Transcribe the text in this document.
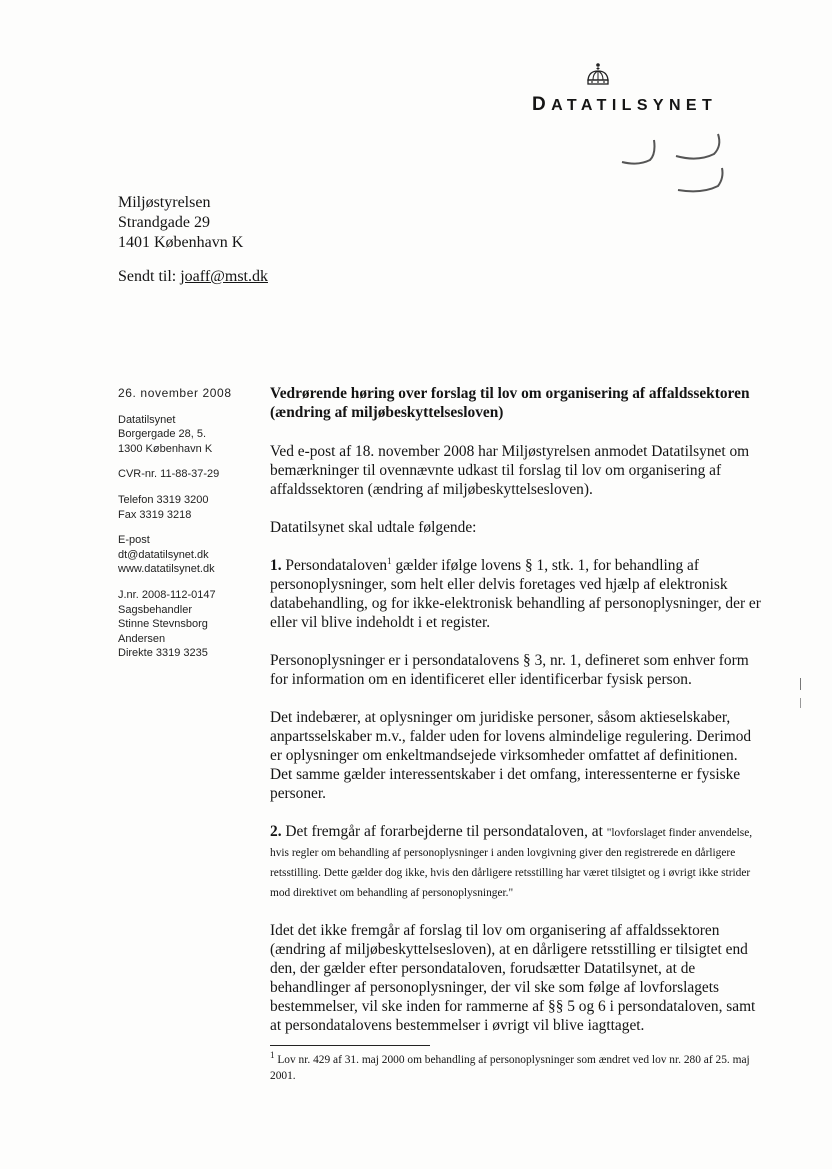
DATATILSYNET
Miljøstyrelsen
Strandgade 29
1401 København K
Sendt til: joaff@mst.dk
26. november 2008
Datatilsynet
Borgergade 28, 5.
1300 København K
CVR-nr. 11-88-37-29
Telefon 3319 3200
Fax 3319 3218
E-post
dt@datatilsynet.dk
www.datatilsynet.dk
J.nr. 2008-112-0147
Sagsbehandler
Stinne Stevnsborg
Andersen
Direkte 3319 3235

Vedrørende høring over forslag til lov om organisering af affaldssektoren (ændring af miljøbeskyttelsesloven)

Ved e-post af 18. november 2008 har Miljøstyrelsen anmodet Datatilsynet om bemærkninger til ovennævnte udkast til forslag til lov om organisering af affaldssektoren (ændring af miljøbeskyttelsesloven).

Datatilsynet skal udtale følgende:

1. Persondataloven$^1$ gælder ifølge lovens § 1, stk. 1, for behandling af personoplysninger, som helt eller delvis foretages ved hjælp af elektronisk databehandling, og for ikke-elektronisk behandling af personoplysninger, der er eller vil blive indeholdt i et register.

Personoplysninger er i persondatalovens § 3, nr. 1, defineret som enhver form for information om en identificeret eller identificerbar fysisk person.

Det indebærer, at oplysninger om juridiske personer, såsom aktieselskaber, anpartsselskaber m.v., falder uden for lovens almindelige regulering. Derimod er oplysninger om enkeltmandsejede virksomheder omfattet af definitionen. Det samme gælder interessentskaber i det omfang, interessenterne er fysiske personer.

2. Det fremgår af forarbejderne til persondataloven, at "lovforslaget finder anvendelse, hvis regler om behandling af personoplysninger i anden lovgivning giver den registrerede en dårligere retsstilling. Dette gælder dog ikke, hvis den dårligere retsstilling har været tilsigtet og i øvrigt ikke strider mod direktivet om behandling af personoplysninger."

Idet det ikke fremgår af forslag til lov om organisering af affaldssektoren (ændring af miljøbeskyttelsesloven), at en dårligere retsstilling er tilsigtet end den, der gælder efter persondataloven, forudsætter Datatilsynet, at de behandlinger af personoplysninger, der vil ske som følge af lovforslagets bestemmelser, vil ske inden for rammerne af §§ 5 og 6 i persondataloven, samt at persondatalovens bestemmelser i øvrigt vil blive iagttaget.

$^1$ Lov nr. 429 af 31. maj 2000 om behandling af personoplysninger som ændret ved lov nr. 280 af 25. maj 2001.
